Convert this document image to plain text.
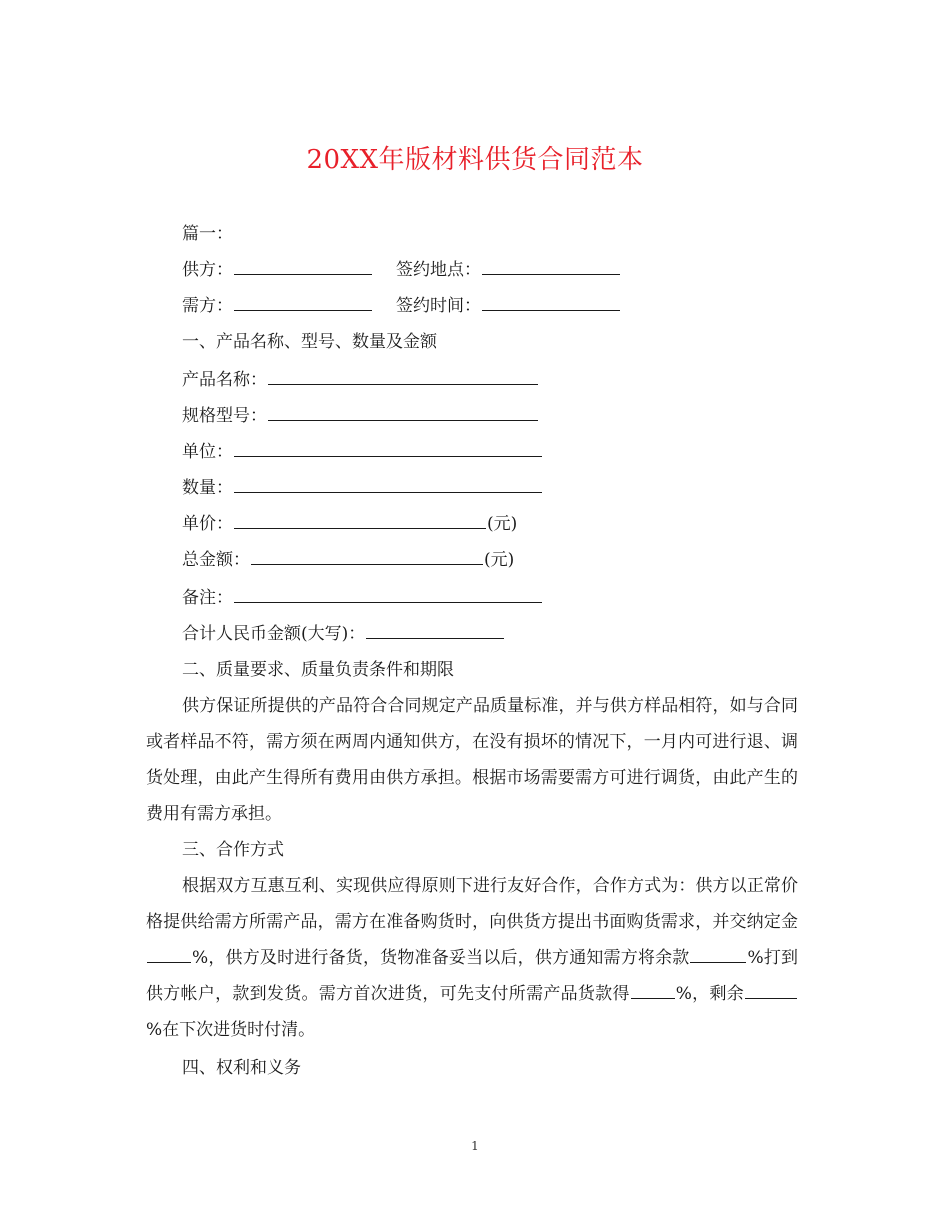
20XX年版材料供货合同范本
篇一：
供方：	签约地点：
需方：	签约时间：
一、产品名称、型号、数量及金额
产品名称：
规格型号：
单位：
数量：
单价：	(元)
总金额：	(元)
备注：
合计人民币金额(大写)：
二、质量要求、质量负责条件和期限
供方保证所提供的产品符合合同规定产品质量标准，并与供方样品相符，如与合同或者样品不符，需方须在两周内通知供方，在没有损坏的情况下，一月内可进行退、调货处理，由此产生得所有费用由供方承担。根据市场需要需方可进行调货，由此产生的费用有需方承担。
三、合作方式
根据双方互惠互利、实现供应得原则下进行友好合作，合作方式为：供方以正常价格提供给需方所需产品，需方在准备购货时，向供货方提出书面购货需求，并交纳定金%，供方及时进行备货，货物准备妥当以后，供方通知需方将余款	%打到供方帐户，款到发货。需方首次进货，可先支付所需产品货款得	%，剩余%在下次进货时付清。
四、权利和义务
1
